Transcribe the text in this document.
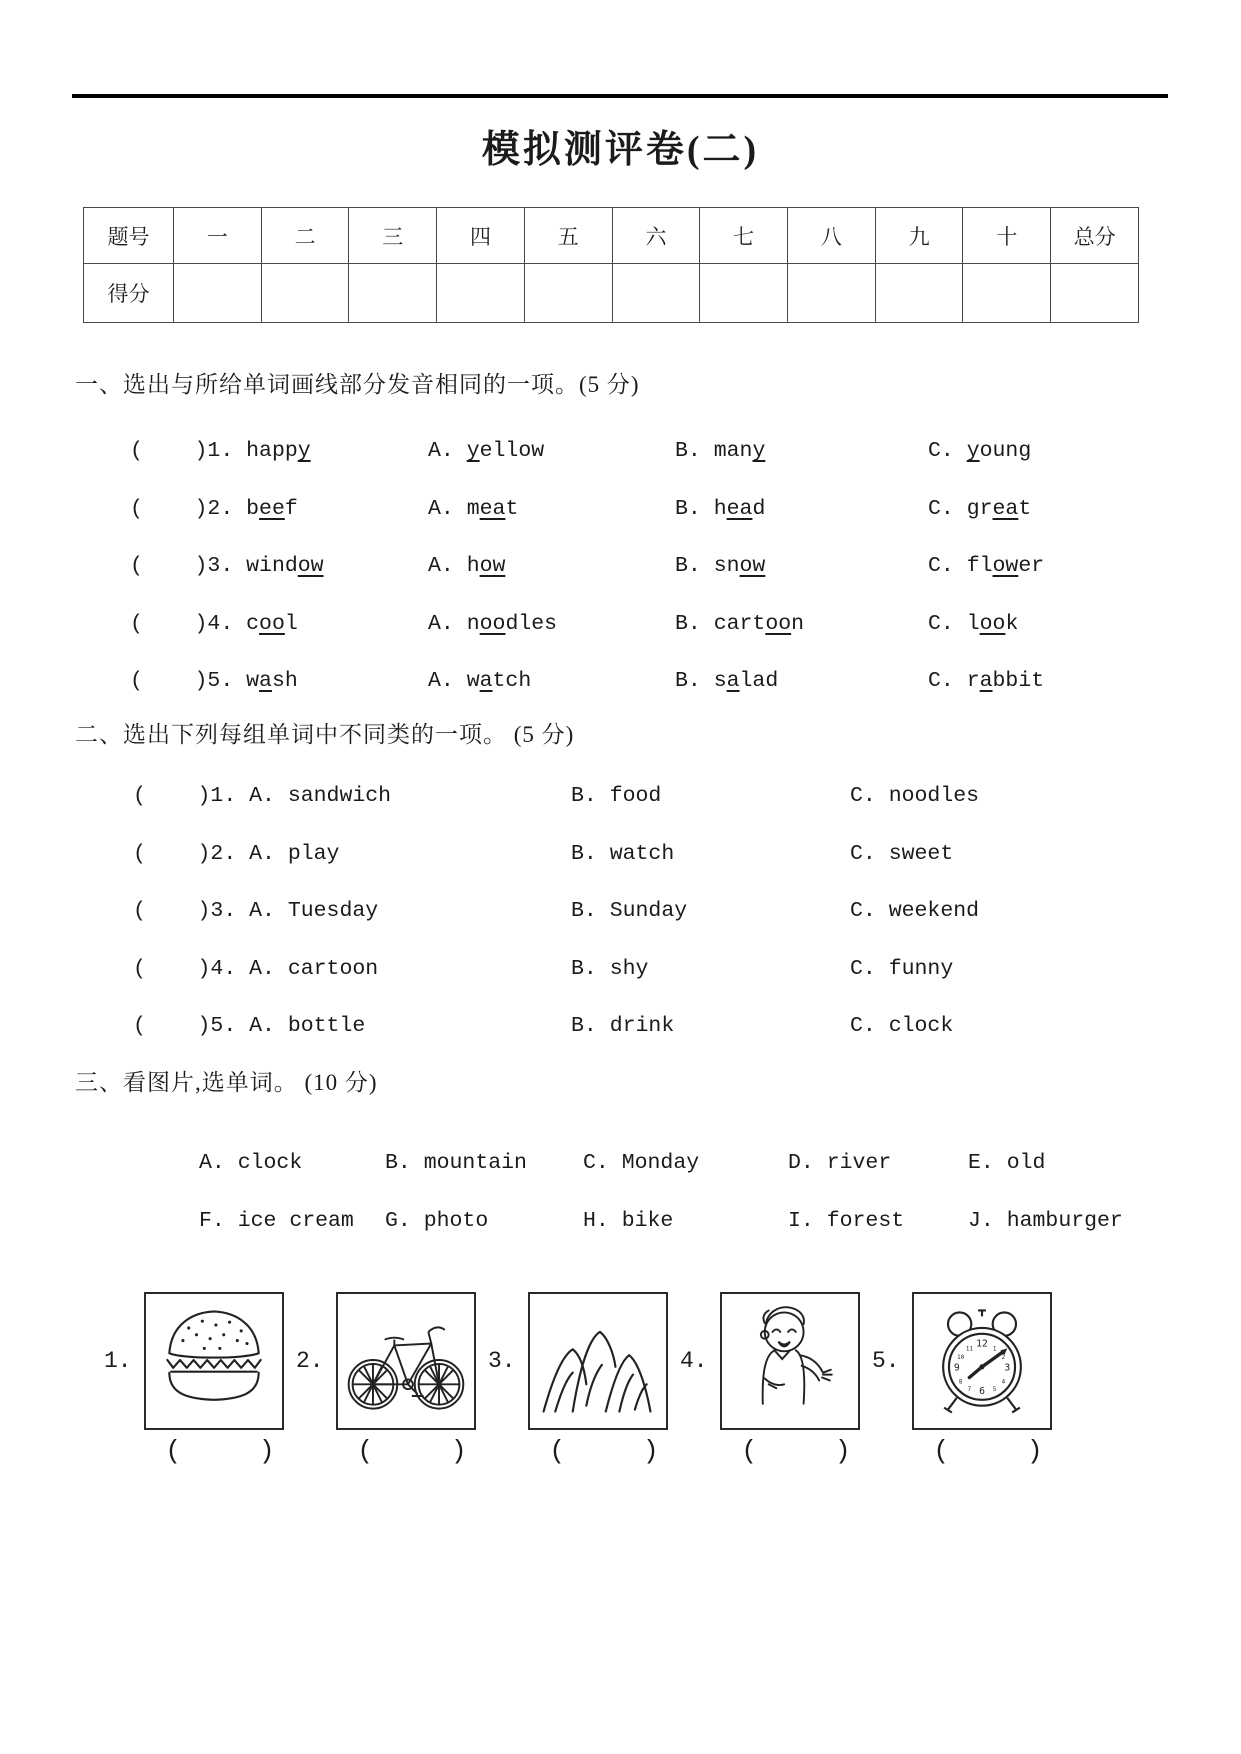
模拟测评卷(二)
题号	一	二	三	四	五	六	七	八	九	十	总分
得分											
一、选出与所给单词画线部分发音相同的一项。(5 分)
(    )1. happy	A. yellow	B. many	C. young
(    )2. beef	A. meat	B. head	C. great
(    )3. window	A. how	B. snow	C. flower
(    )4. cool	A. noodles	B. cartoon	C. look
(    )5. wash	A. watch	B. salad	C. rabbit
二、选出下列每组单词中不同类的一项。 (5 分)
(    )1. A. sandwich	B. food	C. noodles
(    )2. A. play	B. watch	C. sweet
(    )3. A. Tuesday	B. Sunday	C. weekend
(    )4. A. cartoon	B. shy	C. funny
(    )5. A. bottle	B. drink	C. clock
三、看图片,选单词。 (10 分)
A. clock	B. mountain	C. Monday	D. river	E. old
F. ice cream	G. photo	H. bike	I. forest	J. hamburger
1.	2.	3.	4.	5.
12
3
6
9
1
2
4
5
7
8
10
11
(     )	(     )	(     )	(     )	(     )
